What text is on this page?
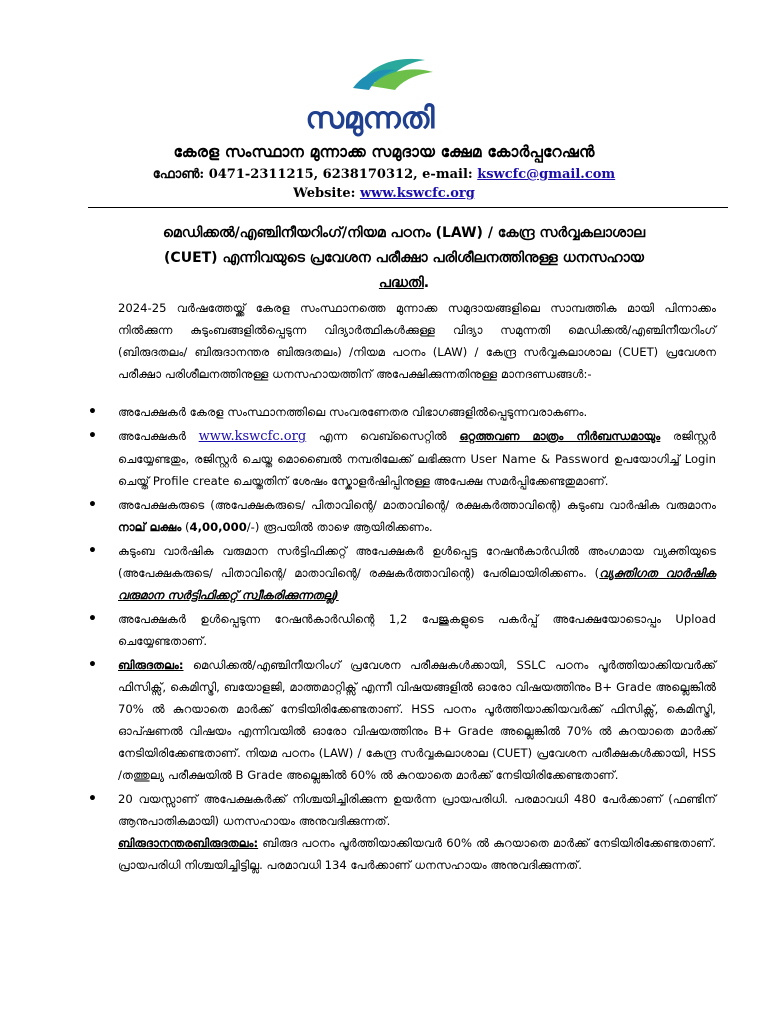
സമുന്നതി
കേരള സംസ്ഥാന മുന്നാക്ക സമുദായ ക്ഷേമ കോർപ്പറേഷൻ
ഫോൺ: 0471-2311215, 6238170312, e-mail: kswcfc@gmail.com
Website: www.kswcfc.org
മെഡിക്കൽ/എഞ്ചിനീയറിംഗ്/നിയമ പഠനം (LAW) / കേന്ദ്ര സർവ്വകലാശാല
(CUET) എന്നിവയുടെ പ്രവേശന പരീക്ഷാ പരിശീലനത്തിനുള്ള ധനസഹായ
പദ്ധതി.
2024-25 വർഷത്തേയ്ക്ക് കേരള സംസ്ഥാനത്തെ മുന്നാക്ക സമുദായങ്ങളിലെ സാമ്പത്തിക മായി പിന്നാക്കം നിൽക്കുന്ന കുടുംബങ്ങളിൽപ്പെടുന്ന വിദ്യാർത്ഥികൾക്കുള്ള വിദ്യാ സമുന്നതി മെഡിക്കൽ/എഞ്ചിനീയറിംഗ് (ബിരുദതലം/ ബിരുദാനന്തര ബിരുദതലം) /നിയമ പഠനം (LAW) / കേന്ദ്ര സർവ്വകലാശാല (CUET) പ്രവേശന പരീക്ഷാ പരിശീലനത്തിനുള്ള ധനസഹായത്തിന് അപേക്ഷിക്കുന്നതിനുള്ള മാനദണ്ഡങ്ങൾ:-
• അപേക്ഷകർ കേരള സംസ്ഥാനത്തിലെ സംവരണേതര വിഭാഗങ്ങളിൽപ്പെടുന്നവരാകണം.
• അപേക്ഷകർ www.kswcfc.org എന്ന വെബ്സൈറ്റിൽ ഒറ്റത്തവണ മാത്രം നിർബന്ധമായും രജിസ്റ്റർ ചെയ്യേണ്ടതും, രജിസ്റ്റർ ചെയ്ത മൊബൈൽ നമ്പരിലേക്ക് ലഭിക്കുന്ന User Name & Password ഉപയോഗിച്ച് Login ചെയ്ത് Profile create ചെയ്തതിന് ശേഷം സ്കോളർഷിപ്പിനുള്ള അപേക്ഷ സമർപ്പിക്കേണ്ടതുമാണ്.
• അപേക്ഷകരുടെ (അപേക്ഷകരുടെ/ പിതാവിന്റെ/ മാതാവിന്റെ/ രക്ഷകർത്താവിന്റെ) കുടുംബ വാർഷിക വരുമാനം നാല് ലക്ഷം (4,00,000/-) രൂപയിൽ താഴെ ആയിരിക്കണം.
• കുടുംബ വാർഷിക വരുമാന സർട്ടിഫിക്കറ്റ് അപേക്ഷകർ ഉൾപ്പെട്ട റേഷൻകാർഡിൽ അംഗമായ വ്യക്തിയുടെ (അപേക്ഷകരുടെ/ പിതാവിന്റെ/ മാതാവിന്റെ/ രക്ഷകർത്താവിന്റെ) പേരിലായിരിക്കണം. (വ്യക്തിഗത വാർഷിക വരുമാന സർട്ടിഫിക്കറ്റ് സ്വീകരിക്കുന്നതല്ല)
• അപേക്ഷകർ ഉൾപ്പെടുന്ന റേഷൻകാർഡിന്റെ 1,2 പേജുകളുടെ പകർപ്പ് അപേക്ഷയോടൊപ്പം Upload ചെയ്യേണ്ടതാണ്.
• ബിരുദതലം: മെഡിക്കൽ/എഞ്ചിനീയറിംഗ് പ്രവേശന പരീക്ഷകൾക്കായി, SSLC പഠനം പൂർത്തിയാക്കിയവർക്ക് ഫിസിക്സ്, കെമിസ്ട്രി, ബയോളജി, മാത്തമാറ്റിക്സ് എന്നീ വിഷയങ്ങളിൽ ഓരോ വിഷയത്തിനും B+ Grade അല്ലെങ്കിൽ 70% ൽ കുറയാതെ മാർക്ക് നേടിയിരിക്കേണ്ടതാണ്. HSS പഠനം പൂർത്തിയാക്കിയവർക്ക് ഫിസിക്സ്, കെമിസ്ട്രി, ഓപ്ഷണൽ വിഷയം എന്നിവയിൽ ഓരോ വിഷയത്തിനും B+ Grade അല്ലെങ്കിൽ 70% ൽ കുറയാതെ മാർക്ക് നേടിയിരിക്കേണ്ടതാണ്. നിയമ പഠനം (LAW) / കേന്ദ്ര സർവ്വകലാശാല (CUET) പ്രവേശന പരീക്ഷകൾക്കായി, HSS /തത്തുല്യ പരീക്ഷയിൽ B Grade അല്ലെങ്കിൽ 60% ൽ കുറയാതെ മാർക്ക് നേടിയിരിക്കേണ്ടതാണ്.
• 20 വയസ്സാണ് അപേക്ഷകർക്ക് നിശ്ചയിച്ചിരിക്കുന്ന ഉയർന്ന പ്രായപരിധി. പരമാവധി 480 പേർക്കാണ് (ഫണ്ടിന് ആനുപാതികമായി) ധനസഹായം അനുവദിക്കുന്നത്.
ബിരുദാനന്തരബിരുദതലം: ബിരുദ പഠനം പൂർത്തിയാക്കിയവർ 60% ൽ കുറയാതെ മാർക്ക് നേടിയിരിക്കേണ്ടതാണ്. പ്രായപരിധി നിശ്ചയിച്ചിട്ടില്ല. പരമാവധി 134 പേർക്കാണ് ധനസഹായം അനുവദിക്കുന്നത്.
